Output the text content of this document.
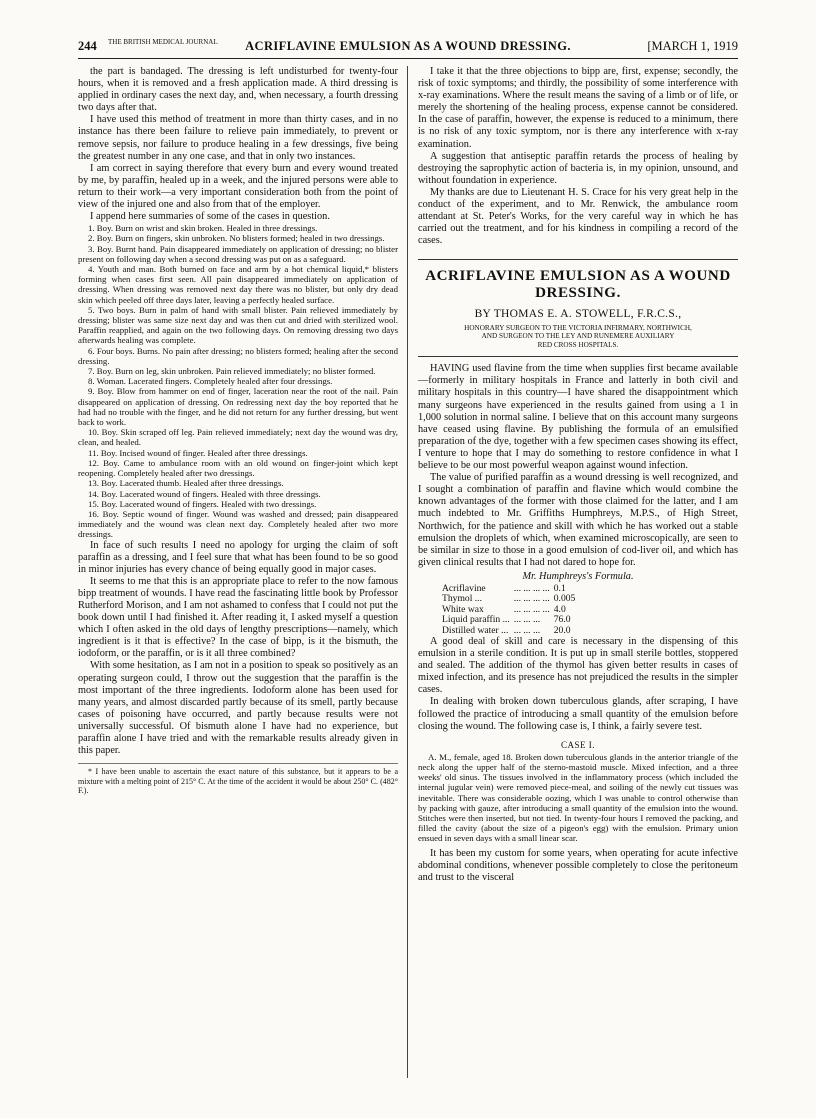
244 THE BRITISH MEDICAL JOURNAL	ACRIFLAVINE EMULSION AS A WOUND DRESSING.	[MARCH 1, 1919

the part is bandaged. The dressing is left undisturbed for twenty-four hours, when it is removed and a fresh application made. A third dressing is applied in ordinary cases the next day, and, when necessary, a fourth dressing two days after that.

I have used this method of treatment in more than thirty cases, and in no instance has there been failure to relieve pain immediately, to prevent or remove sepsis, nor failure to produce healing in a few dressings, five being the greatest number in any one case, and that in only two instances.

I am correct in saying therefore that every burn and every wound treated by me, by paraffin, healed up in a week, and the injured persons were able to return to their work—a very important consideration both from the point of view of the injured one and also from that of the employer.

I append here summaries of some of the cases in question.

1. Boy. Burn on wrist and skin broken. Healed in three dressings.

2. Boy. Burn on fingers, skin unbroken. No blisters formed; healed in two dressings.

3. Boy. Burnt hand. Pain disappeared immediately on application of dressing; no blister present on following day when a second dressing was put on as a safeguard.

4. Youth and man. Both burned on face and arm by a hot chemical liquid,* blisters forming when cases first seen. All pain disappeared immediately on application of dressing. When dressing was removed next day there was no blister, but only dry dead skin which peeled off three days later, leaving a perfectly healed surface.

5. Two boys. Burn in palm of hand with small blister. Pain relieved immediately by dressing; blister was same size next day and was then cut and dried with sterilized wool. Paraffin reapplied, and again on the two following days. On removing dressing two days afterwards healing was complete.

6. Four boys. Burns. No pain after dressing; no blisters formed; healing after the second dressing.

7. Boy. Burn on leg, skin unbroken. Pain relieved immediately; no blister formed.

8. Woman. Lacerated fingers. Completely healed after four dressings.

9. Boy. Blow from hammer on end of finger, laceration near the root of the nail. Pain disappeared on application of dressing. On redressing next day the boy reported that he had had no trouble with the finger, and he did not return for any further dressing, but went back to work.

10. Boy. Skin scraped off leg. Pain relieved immediately; next day the wound was dry, clean, and healed.

11. Boy. Incised wound of finger. Healed after three dressings.

12. Boy. Came to ambulance room with an old wound on finger-joint which kept reopening. Completely healed after two dressings.

13. Boy. Lacerated thumb. Healed after three dressings.

14. Boy. Lacerated wound of fingers. Healed with three dressings.

15. Boy. Lacerated wound of fingers. Healed with two dressings.

16. Boy. Septic wound of finger. Wound was washed and dressed; pain disappeared immediately and the wound was clean next day. Completely healed after two more dressings.

In face of such results I need no apology for urging the claim of soft paraffin as a dressing, and I feel sure that what has been found to be so good in minor injuries has every chance of being equally good in major cases.

It seems to me that this is an appropriate place to refer to the now famous bipp treatment of wounds. I have read the fascinating little book by Professor Rutherford Morison, and I am not ashamed to confess that I could not put the book down until I had finished it. After reading it, I asked myself a question which I often asked in the old days of lengthy prescriptions—namely, which ingredient is it that is effective? In the case of bipp, is it the bismuth, the iodoform, or the paraffin, or is it all three combined?

With some hesitation, as I am not in a position to speak so positively as an operating surgeon could, I throw out the suggestion that the paraffin is the most important of the three ingredients. Iodoform alone has been used for many years, and almost discarded partly because of its smell, partly because cases of poisoning have occurred, and partly because results were not universally successful. Of bismuth alone I have had no experience, but paraffin alone I have tried and with the remarkable results already given in this paper.

* I have been unable to ascertain the exact nature of this substance, but it appears to be a mixture with a melting point of 215° C. At the time of the accident it would be about 250° C. (482° F.).

I take it that the three objections to bipp are, first, expense; secondly, the risk of toxic symptoms; and thirdly, the possibility of some interference with x-ray examinations. Where the result means the saving of a limb or of life, or merely the shortening of the healing process, expense cannot be considered. In the case of paraffin, however, the expense is reduced to a minimum, there is no risk of any toxic symptom, nor is there any interference with x-ray examination.

A suggestion that antiseptic paraffin retards the process of healing by destroying the saprophytic action of bacteria is, in my opinion, unsound, and without foundation in experience.

My thanks are due to Lieutenant H. S. Crace for his very great help in the conduct of the experiment, and to Mr. Renwick, the ambulance room attendant at St. Peter's Works, for the very careful way in which he has carried out the treatment, and for his kindness in compiling a record of the cases.

ACRIFLAVINE EMULSION AS A WOUND
DRESSING.
BY THOMAS E. A. STOWELL, F.R.C.S.,
HONORARY SURGEON TO THE VICTORIA INFIRMARY, NORTHWICH,
AND SURGEON TO THE LEY AND RUNEMERE AUXILIARY
RED CROSS HOSPITALS.

HAVING used flavine from the time when supplies first became available—formerly in military hospitals in France and latterly in both civil and military hospitals in this country—I have shared the disappointment which many surgeons have experienced in the results gained from using a 1 in 1,000 solution in normal saline. I believe that on this account many surgeons have ceased using flavine. By publishing the formula of an emulsified preparation of the dye, together with a few specimen cases showing its effect, I venture to hope that I may do something to restore confidence in what I believe to be our most powerful weapon against wound infection.

The value of purified paraffin as a wound dressing is well recognized, and I sought a combination of paraffin and flavine which would combine the known advantages of the former with those claimed for the latter, and I am much indebted to Mr. Griffiths Humphreys, M.P.S., of High Street, Northwich, for the patience and skill with which he has worked out a stable emulsion the droplets of which, when examined microscopically, are seen to be similar in size to those in a good emulsion of cod-liver oil, and which has given clinical results that I had not dared to hope for.

Mr. Humphreys's Formula.
Acriflavine	... ... ... ...	0.1
Thymol ...	... ... ... ...	0.005
White wax	... ... ... ...	4.0
Liquid paraffin ...	... ... ...	76.0
Distilled water ...	... ... ...	20.0

A good deal of skill and care is necessary in the dispensing of this emulsion in a sterile condition. It is put up in small sterile bottles, stoppered and sealed. The addition of the thymol has given better results in cases of mixed infection, and its presence has not prejudiced the results in the simpler cases.

In dealing with broken down tuberculous glands, after scraping, I have followed the practice of introducing a small quantity of the emulsion before closing the wound. The following case is, I think, a fairly severe test.

CASE I.

A. M., female, aged 18. Broken down tuberculous glands in the anterior triangle of the neck along the upper half of the sterno-mastoid muscle. Mixed infection, and a three weeks' old sinus. The tissues involved in the inflammatory process (which included the internal jugular vein) were removed piece-meal, and soiling of the newly cut tissues was inevitable. There was considerable oozing, which I was unable to control otherwise than by packing with gauze, after introducing a small quantity of the emulsion into the wound. Stitches were then inserted, but not tied. In twenty-four hours I removed the packing, and filled the cavity (about the size of a pigeon's egg) with the emulsion. Primary union ensued in seven days with a small linear scar.

It has been my custom for some years, when operating for acute infective abdominal conditions, whenever possible completely to close the peritoneum and trust to the visceral
